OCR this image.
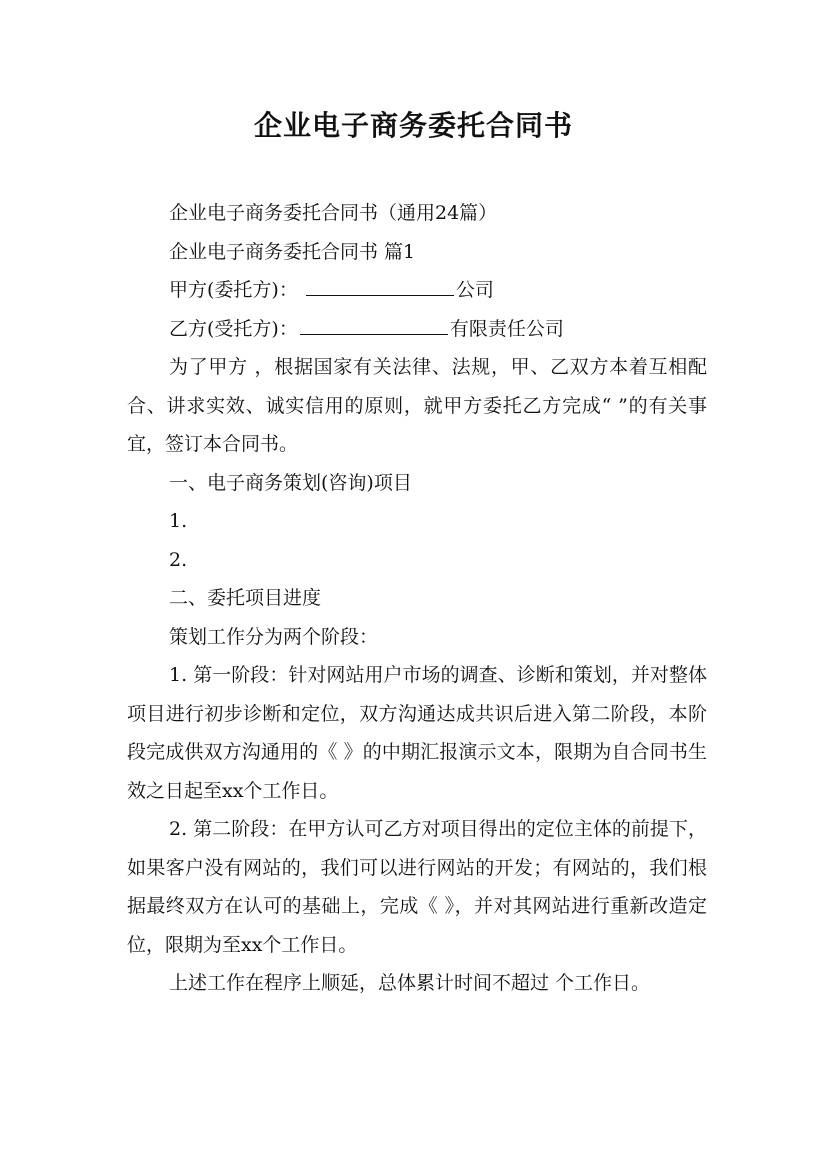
企业电子商务委托合同书

企业电子商务委托合同书（通用24篇）

企业电子商务委托合同书 篇1

甲方(委托方)：	公司

乙方(受托方)：	有限责任公司

为了甲方 ，根据国家有关法律、法规，甲、乙双方本着互相配合、讲求实效、诚实信用的原则，就甲方委托乙方完成“ ”的有关事宜，签订本合同书。

一、电子商务策划(咨询)项目

1.

2.

二、委托项目进度

策划工作分为两个阶段：

1. 第一阶段：针对网站用户市场的调查、诊断和策划，并对整体项目进行初步诊断和定位，双方沟通达成共识后进入第二阶段，本阶段完成供双方沟通用的《 》的中期汇报演示文本，限期为自合同书生效之日起至xx个工作日。

2. 第二阶段：在甲方认可乙方对项目得出的定位主体的前提下，如果客户没有网站的，我们可以进行网站的开发；有网站的，我们根据最终双方在认可的基础上，完成《 》，并对其网站进行重新改造定位，限期为至xx个工作日。

上述工作在程序上顺延，总体累计时间不超过 个工作日。
